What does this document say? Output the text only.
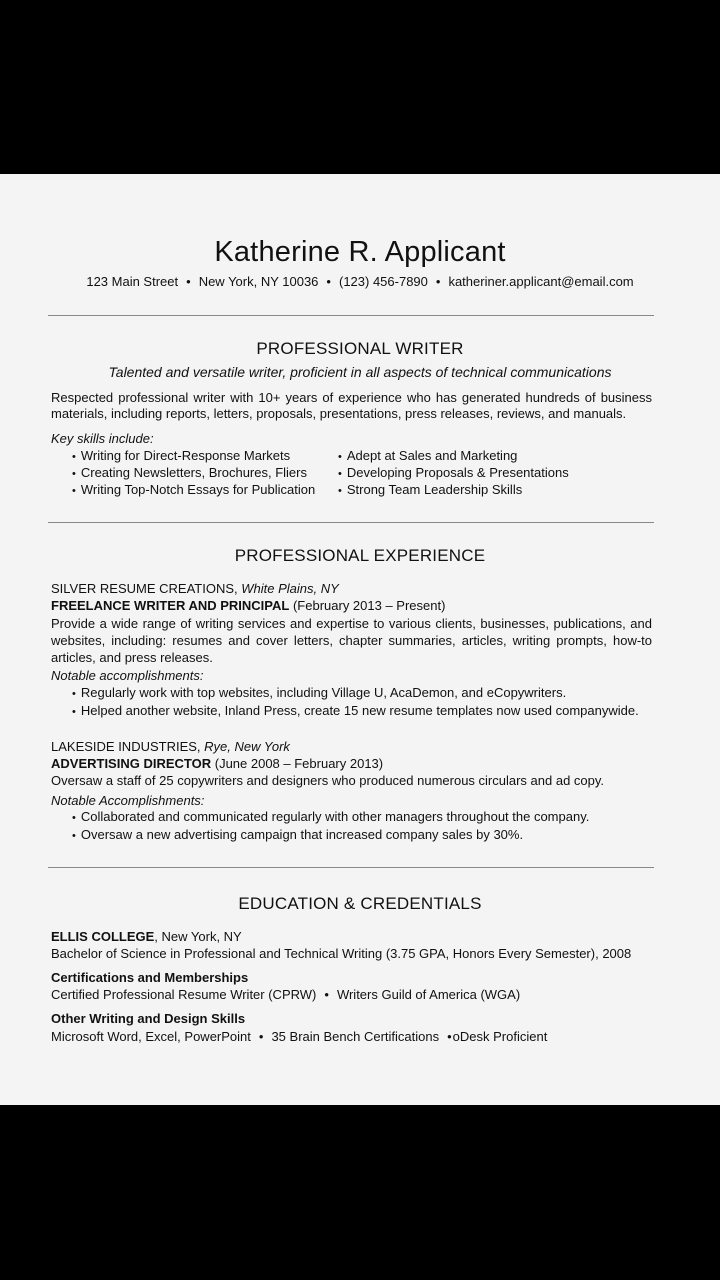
Katherine R. Applicant
123 Main Street • New York, NY 10036 • (123) 456-7890 • katheriner.applicant@email.com
PROFESSIONAL WRITER
Talented and versatile writer, proficient in all aspects of technical communications
Respected professional writer with 10+ years of experience who has generated hundreds of business
materials, including reports, letters, proposals, presentations, press releases, reviews, and manuals.
Key skills include:
• Writing for Direct-Response Markets
• Creating Newsletters, Brochures, Fliers
• Writing Top-Notch Essays for Publication
• Adept at Sales and Marketing
• Developing Proposals & Presentations
• Strong Team Leadership Skills
PROFESSIONAL EXPERIENCE
SILVER RESUME CREATIONS, White Plains, NY
FREELANCE WRITER AND PRINCIPAL (February 2013 – Present)
Provide a wide range of writing services and expertise to various clients, businesses, publications, and
websites, including: resumes and cover letters, chapter summaries, articles, writing prompts, how-to
articles, and press releases.
Notable accomplishments:
• Regularly work with top websites, including Village U, AcaDemon, and eCopywriters.
• Helped another website, Inland Press, create 15 new resume templates now used companywide.
LAKESIDE INDUSTRIES, Rye, New York
ADVERTISING DIRECTOR (June 2008 – February 2013)
Oversaw a staff of 25 copywriters and designers who produced numerous circulars and ad copy.
Notable Accomplishments:
• Collaborated and communicated regularly with other managers throughout the company.
• Oversaw a new advertising campaign that increased company sales by 30%.
EDUCATION & CREDENTIALS
ELLIS COLLEGE, New York, NY
Bachelor of Science in Professional and Technical Writing (3.75 GPA, Honors Every Semester), 2008
Certifications and Memberships
Certified Professional Resume Writer (CPRW) • Writers Guild of America (WGA)
Other Writing and Design Skills
Microsoft Word, Excel, PowerPoint • 35 Brain Bench Certifications •oDesk Proficient
